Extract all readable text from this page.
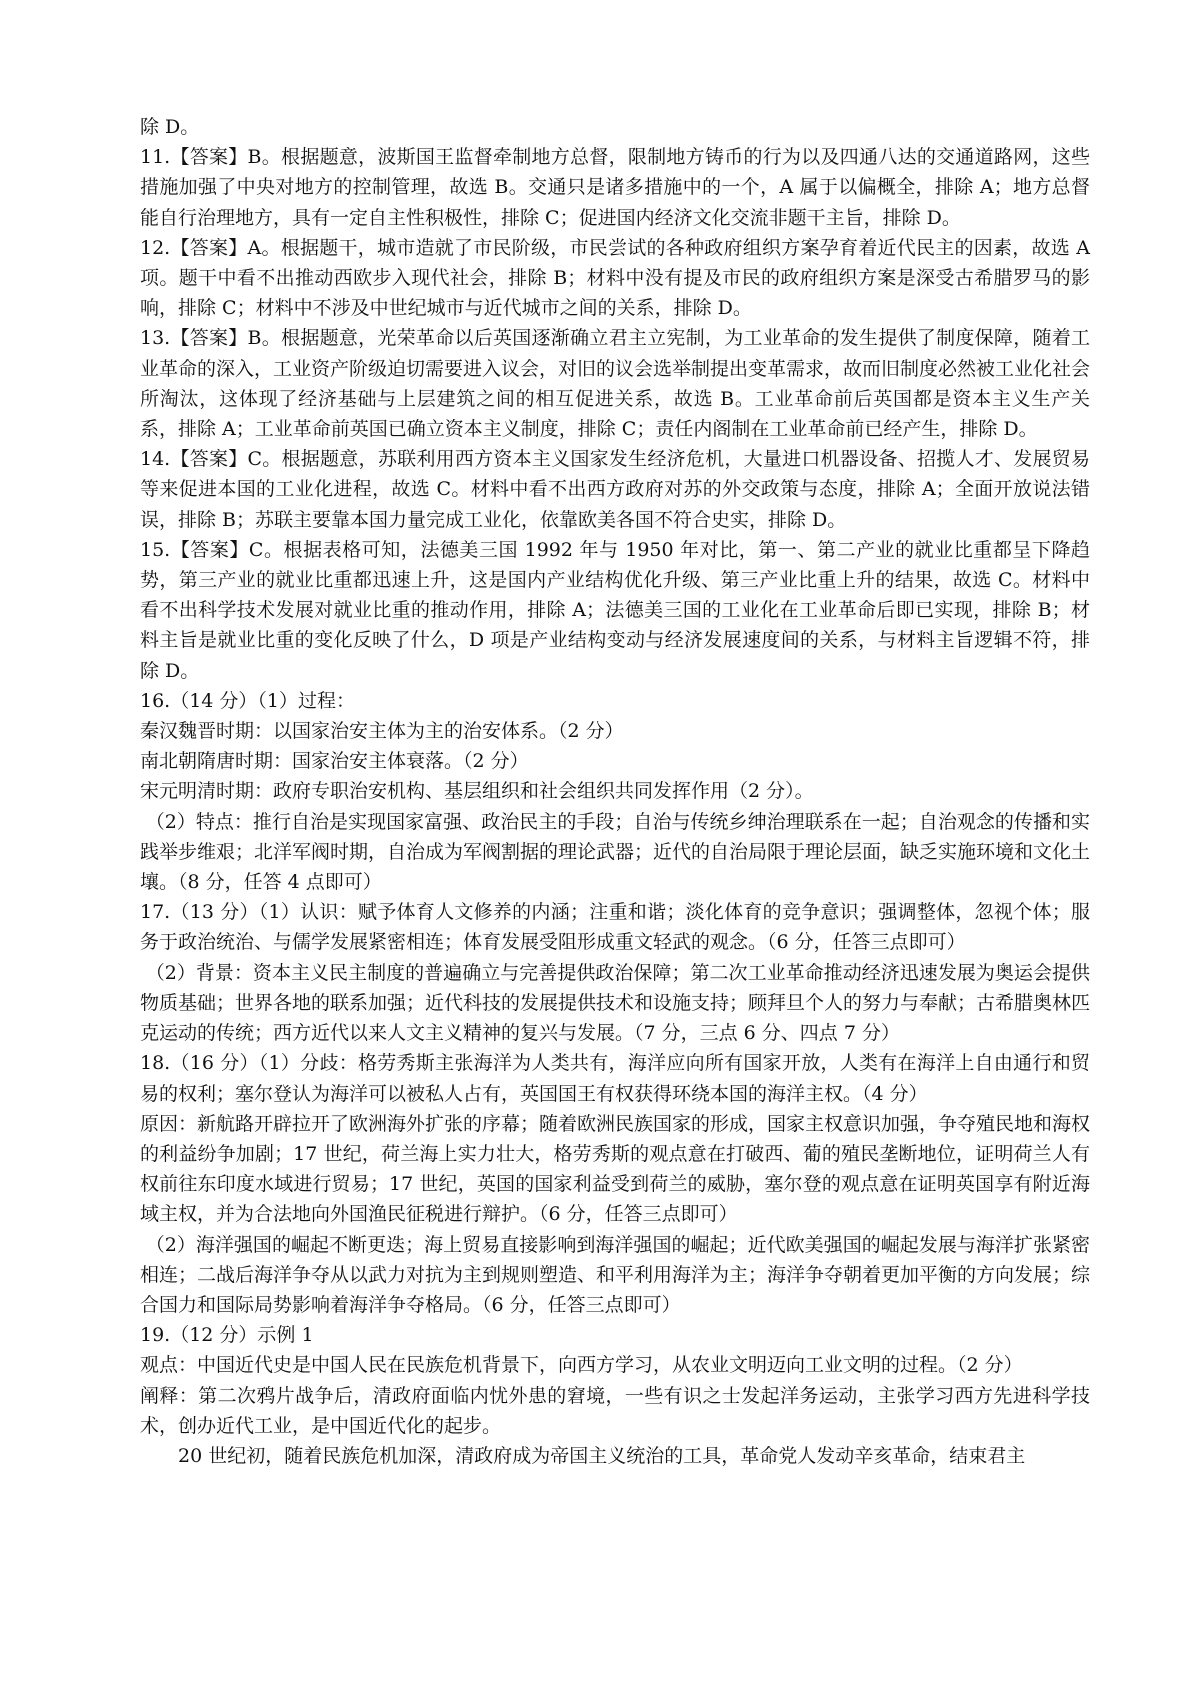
除 D。

11.【答案】B。根据题意，波斯国王监督牵制地方总督，限制地方铸币的行为以及四通八达的交通道路网，这些措施加强了中央对地方的控制管理，故选 B。交通只是诸多措施中的一个，A 属于以偏概全，排除 A；地方总督能自行治理地方，具有一定自主性积极性，排除 C；促进国内经济文化交流非题干主旨，排除 D。

12.【答案】A。根据题干，城市造就了市民阶级，市民尝试的各种政府组织方案孕育着近代民主的因素，故选 A 项。题干中看不出推动西欧步入现代社会，排除 B；材料中没有提及市民的政府组织方案是深受古希腊罗马的影响，排除 C；材料中不涉及中世纪城市与近代城市之间的关系，排除 D。

13.【答案】B。根据题意，光荣革命以后英国逐渐确立君主立宪制，为工业革命的发生提供了制度保障，随着工业革命的深入，工业资产阶级迫切需要进入议会，对旧的议会选举制提出变革需求，故而旧制度必然被工业化社会所淘汰，这体现了经济基础与上层建筑之间的相互促进关系，故选 B。工业革命前后英国都是资本主义生产关系，排除 A；工业革命前英国已确立资本主义制度，排除 C；责任内阁制在工业革命前已经产生，排除 D。

14.【答案】C。根据题意，苏联利用西方资本主义国家发生经济危机，大量进口机器设备、招揽人才、发展贸易等来促进本国的工业化进程，故选 C。材料中看不出西方政府对苏的外交政策与态度，排除 A；全面开放说法错误，排除 B；苏联主要靠本国力量完成工业化，依靠欧美各国不符合史实，排除 D。

15.【答案】C。根据表格可知，法德美三国 1992 年与 1950 年对比，第一、第二产业的就业比重都呈下降趋势，第三产业的就业比重都迅速上升，这是国内产业结构优化升级、第三产业比重上升的结果，故选 C。材料中看不出科学技术发展对就业比重的推动作用，排除 A；法德美三国的工业化在工业革命后即已实现，排除 B；材料主旨是就业比重的变化反映了什么，D 项是产业结构变动与经济发展速度间的关系，与材料主旨逻辑不符，排除 D。

16.（14 分）（1）过程：

秦汉魏晋时期：以国家治安主体为主的治安体系。（2 分）

南北朝隋唐时期：国家治安主体衰落。（2 分）

宋元明清时期：政府专职治安机构、基层组织和社会组织共同发挥作用（2 分）。

（2）特点：推行自治是实现国家富强、政治民主的手段；自治与传统乡绅治理联系在一起；自治观念的传播和实践举步维艰；北洋军阀时期，自治成为军阀割据的理论武器；近代的自治局限于理论层面，缺乏实施环境和文化土壤。（8 分，任答 4 点即可）

17.（13 分）（1）认识：赋予体育人文修养的内涵；注重和谐；淡化体育的竞争意识；强调整体，忽视个体；服务于政治统治、与儒学发展紧密相连；体育发展受阻形成重文轻武的观念。（6 分，任答三点即可）

（2）背景：资本主义民主制度的普遍确立与完善提供政治保障；第二次工业革命推动经济迅速发展为奥运会提供物质基础；世界各地的联系加强；近代科技的发展提供技术和设施支持；顾拜旦个人的努力与奉献；古希腊奥林匹克运动的传统；西方近代以来人文主义精神的复兴与发展。（7 分，三点 6 分、四点 7 分）

18.（16 分）（1）分歧：格劳秀斯主张海洋为人类共有，海洋应向所有国家开放，人类有在海洋上自由通行和贸易的权利；塞尔登认为海洋可以被私人占有，英国国王有权获得环绕本国的海洋主权。（4 分）

原因：新航路开辟拉开了欧洲海外扩张的序幕；随着欧洲民族国家的形成，国家主权意识加强，争夺殖民地和海权的利益纷争加剧；17 世纪，荷兰海上实力壮大，格劳秀斯的观点意在打破西、葡的殖民垄断地位，证明荷兰人有权前往东印度水域进行贸易；17 世纪，英国的国家利益受到荷兰的威胁，塞尔登的观点意在证明英国享有附近海域主权，并为合法地向外国渔民征税进行辩护。（6 分，任答三点即可）

（2）海洋强国的崛起不断更迭；海上贸易直接影响到海洋强国的崛起；近代欧美强国的崛起发展与海洋扩张紧密相连；二战后海洋争夺从以武力对抗为主到规则塑造、和平利用海洋为主；海洋争夺朝着更加平衡的方向发展；综合国力和国际局势影响着海洋争夺格局。（6 分，任答三点即可）

19.（12 分）示例 1

观点：中国近代史是中国人民在民族危机背景下，向西方学习，从农业文明迈向工业文明的过程。（2 分）

阐释：第二次鸦片战争后，清政府面临内忧外患的窘境，一些有识之士发起洋务运动，主张学习西方先进科学技术，创办近代工业，是中国近代化的起步。

20 世纪初，随着民族危机加深，清政府成为帝国主义统治的工具，革命党人发动辛亥革命，结束君主
